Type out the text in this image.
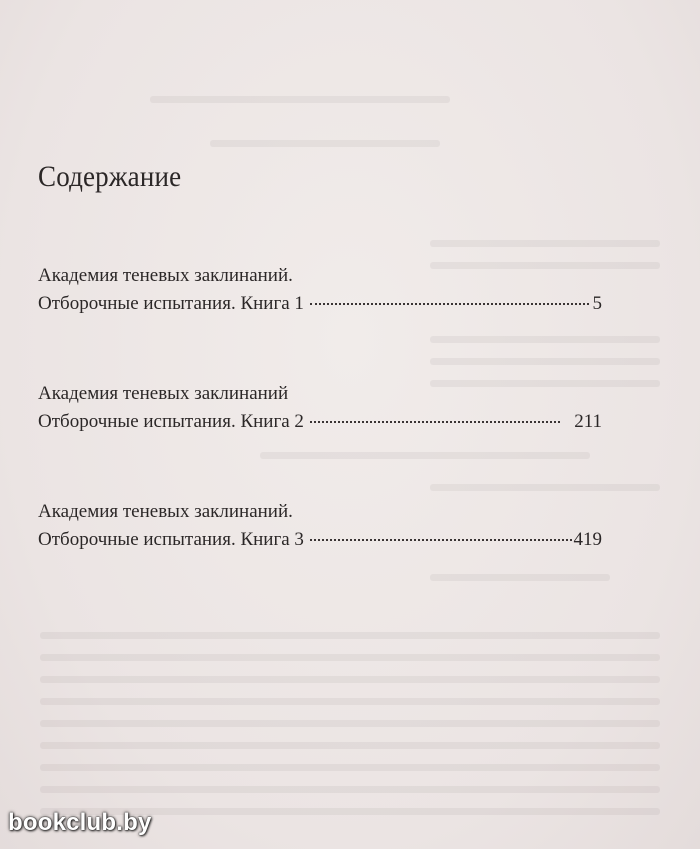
Содержание
Академия теневых заклинаний.
Отборочные испытания. Книга 1	5
Академия теневых заклинаний
Отборочные испытания. Книга 2	211
Академия теневых заклинаний.
Отборочные испытания. Книга 3	419
bookclub.by
